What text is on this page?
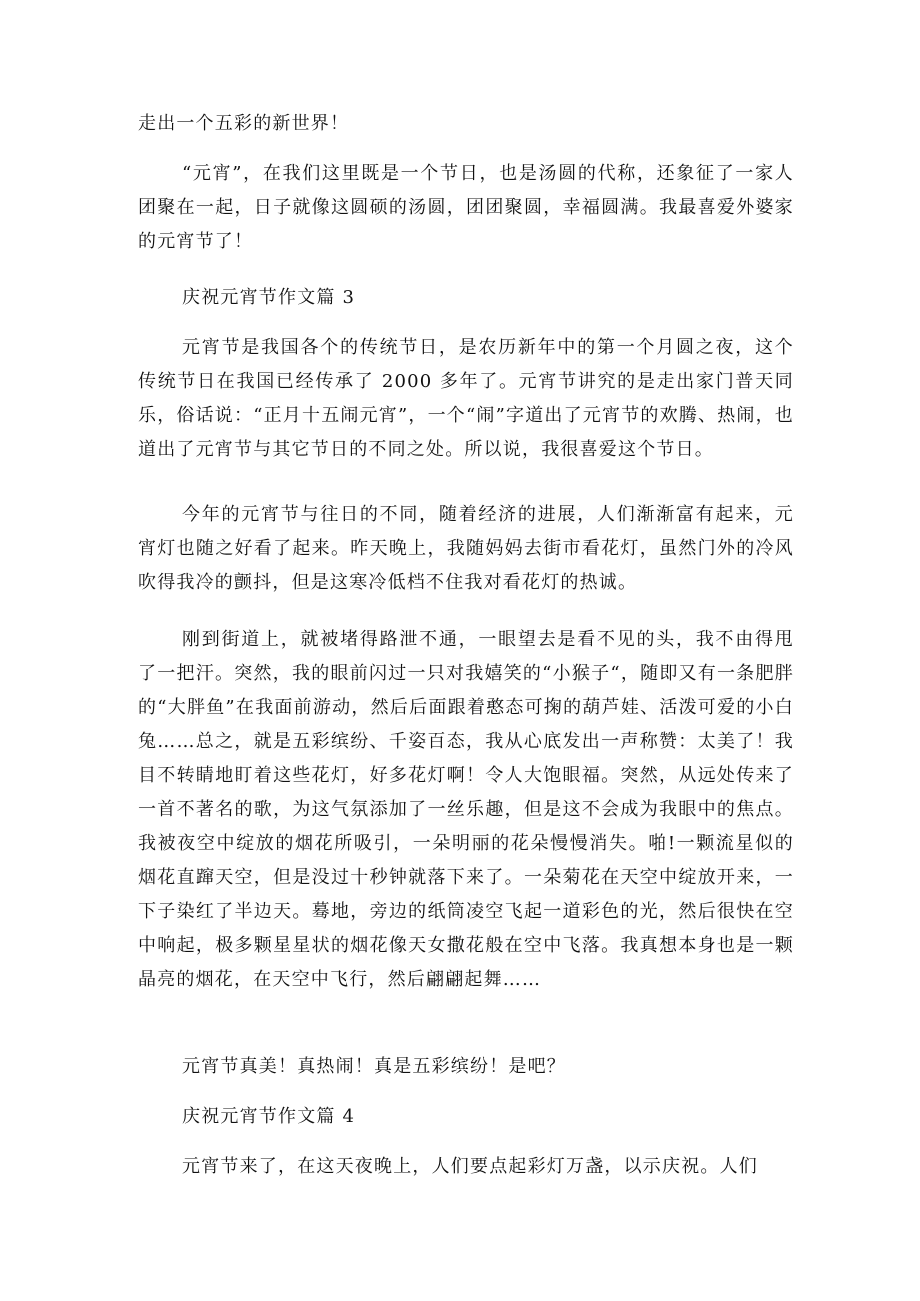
走出一个五彩的新世界！

“元宵”，在我们这里既是一个节日，也是汤圆的代称，还象征了一家人团聚在一起，日子就像这圆硕的汤圆，团团聚圆，幸福圆满。我最喜爱外婆家的元宵节了！

庆祝元宵节作文篇 3

元宵节是我国各个的传统节日，是农历新年中的第一个月圆之夜，这个传统节日在我国已经传承了 2000 多年了。元宵节讲究的是走出家门普天同乐，俗话说：“正月十五闹元宵”，一个“闹”字道出了元宵节的欢腾、热闹，也道出了元宵节与其它节日的不同之处。所以说，我很喜爱这个节日。

今年的元宵节与往日的不同，随着经济的进展，人们渐渐富有起来，元宵灯也随之好看了起来。昨天晚上，我随妈妈去街市看花灯，虽然门外的冷风吹得我冷的颤抖，但是这寒冷低档不住我对看花灯的热诚。

刚到街道上，就被堵得路泄不通，一眼望去是看不见的头，我不由得甩了一把汗。突然，我的眼前闪过一只对我嬉笑的“小猴子“，随即又有一条肥胖的“大胖鱼”在我面前游动，然后后面跟着憨态可掬的葫芦娃、活泼可爱的小白兔……总之，就是五彩缤纷、千姿百态，我从心底发出一声称赞：太美了！我目不转睛地盯着这些花灯，好多花灯啊！令人大饱眼福。突然，从远处传来了一首不著名的歌，为这气氛添加了一丝乐趣，但是这不会成为我眼中的焦点。我被夜空中绽放的烟花所吸引，一朵明丽的花朵慢慢消失。啪!一颗流星似的烟花直蹿天空，但是没过十秒钟就落下来了。一朵菊花在天空中绽放开来，一下子染红了半边天。蓦地，旁边的纸筒凌空飞起一道彩色的光，然后很快在空中响起，极多颗星星状的烟花像天女撒花般在空中飞落。我真想本身也是一颗晶亮的烟花，在天空中飞行，然后翩翩起舞……

元宵节真美！真热闹！真是五彩缤纷！是吧？

庆祝元宵节作文篇 4

元宵节来了，在这天夜晚上，人们要点起彩灯万盏，以示庆祝。人们
